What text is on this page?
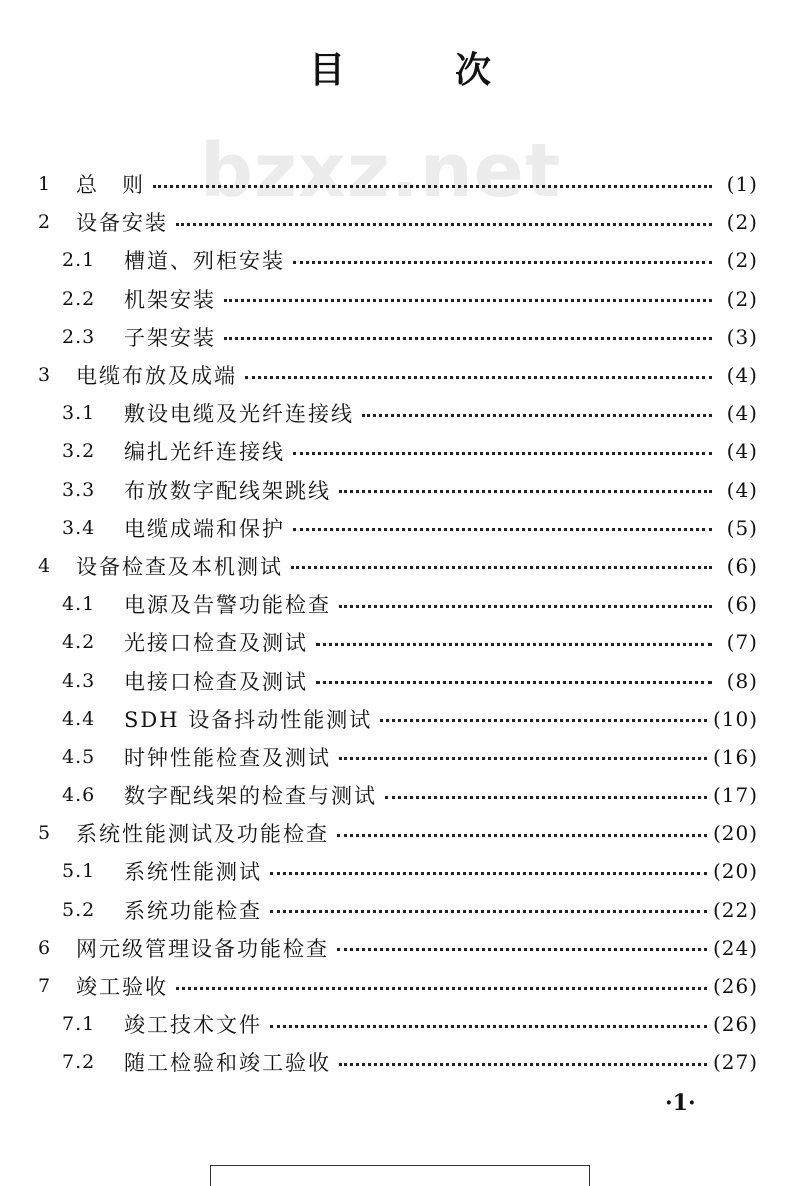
目	次
bzxz.net
1	总　则	(1)
2	设备安装	(2)
2.1	槽道、列柜安装	(2)
2.2	机架安装	(2)
2.3	子架安装	(3)
3	电缆布放及成端	(4)
3.1	敷设电缆及光纤连接线	(4)
3.2	编扎光纤连接线	(4)
3.3	布放数字配线架跳线	(4)
3.4	电缆成端和保护	(5)
4	设备检查及本机测试	(6)
4.1	电源及告警功能检查	(6)
4.2	光接口检查及测试	(7)
4.3	电接口检查及测试	(8)
4.4	SDH 设备抖动性能测试	(10)
4.5	时钟性能检查及测试	(16)
4.6	数字配线架的检查与测试	(17)
5	系统性能测试及功能检查	(20)
5.1	系统性能测试	(20)
5.2	系统功能检查	(22)
6	网元级管理设备功能检查	(24)
7	竣工验收	(26)
7.1	竣工技术文件	(26)
7.2	随工检验和竣工验收	(27)
·1·
